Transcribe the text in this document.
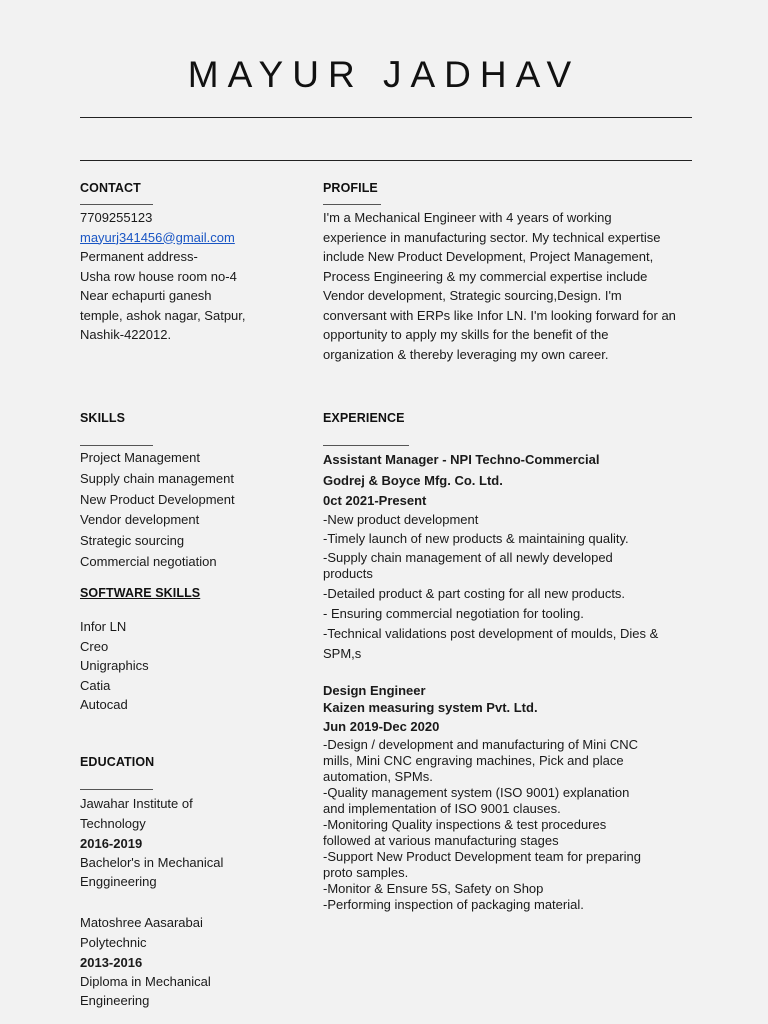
MAYUR JADHAV
CONTACT
7709255123
mayurj341456@gmail.com
Permanent address-
Usha row house room no-4
Near echapurti ganesh
temple, ashok nagar, Satpur,
Nashik-422012.
PROFILE
I'm a Mechanical Engineer with 4 years of working
experience in manufacturing sector. My technical expertise
include New Product Development, Project Management,
Process Engineering & my commercial expertise include
Vendor development, Strategic sourcing,Design. I'm
conversant with ERPs like Infor LN. I'm looking forward for an
opportunity to apply my skills for the benefit of the
organization & thereby leveraging my own career.
SKILLS
Project Management
Supply chain management
New Product Development
Vendor development
Strategic sourcing
Commercial negotiation
SOFTWARE SKILLS
Infor LN
Creo
Unigraphics
Catia
Autocad
EDUCATION
Jawahar Institute of
Technology
2016-2019
Bachelor's in Mechanical
Enggineering
Matoshree Aasarabai
Polytechnic
2013-2016
Diploma in Mechanical
Engineering
EXPERIENCE
Assistant Manager - NPI Techno-Commercial
Godrej & Boyce Mfg. Co. Ltd.
0ct 2021-Present
-New product development
-Timely launch of new products & maintaining quality.
-Supply chain management of all newly developed
products
-Detailed product & part costing for all new products.
- Ensuring commercial negotiation for tooling.
-Technical validations post development of moulds, Dies &
SPM,s
Design Engineer
Kaizen measuring system Pvt. Ltd.
Jun 2019-Dec 2020
-Design / development and manufacturing of Mini CNC
mills, Mini CNC engraving machines, Pick and place
automation, SPMs.
-Quality management system (ISO 9001) explanation
and implementation of ISO 9001 clauses.
-Monitoring Quality inspections & test procedures
followed at various manufacturing stages
-Support New Product Development team for preparing
proto samples.
-Monitor & Ensure 5S, Safety on Shop
-Performing inspection of packaging material.
